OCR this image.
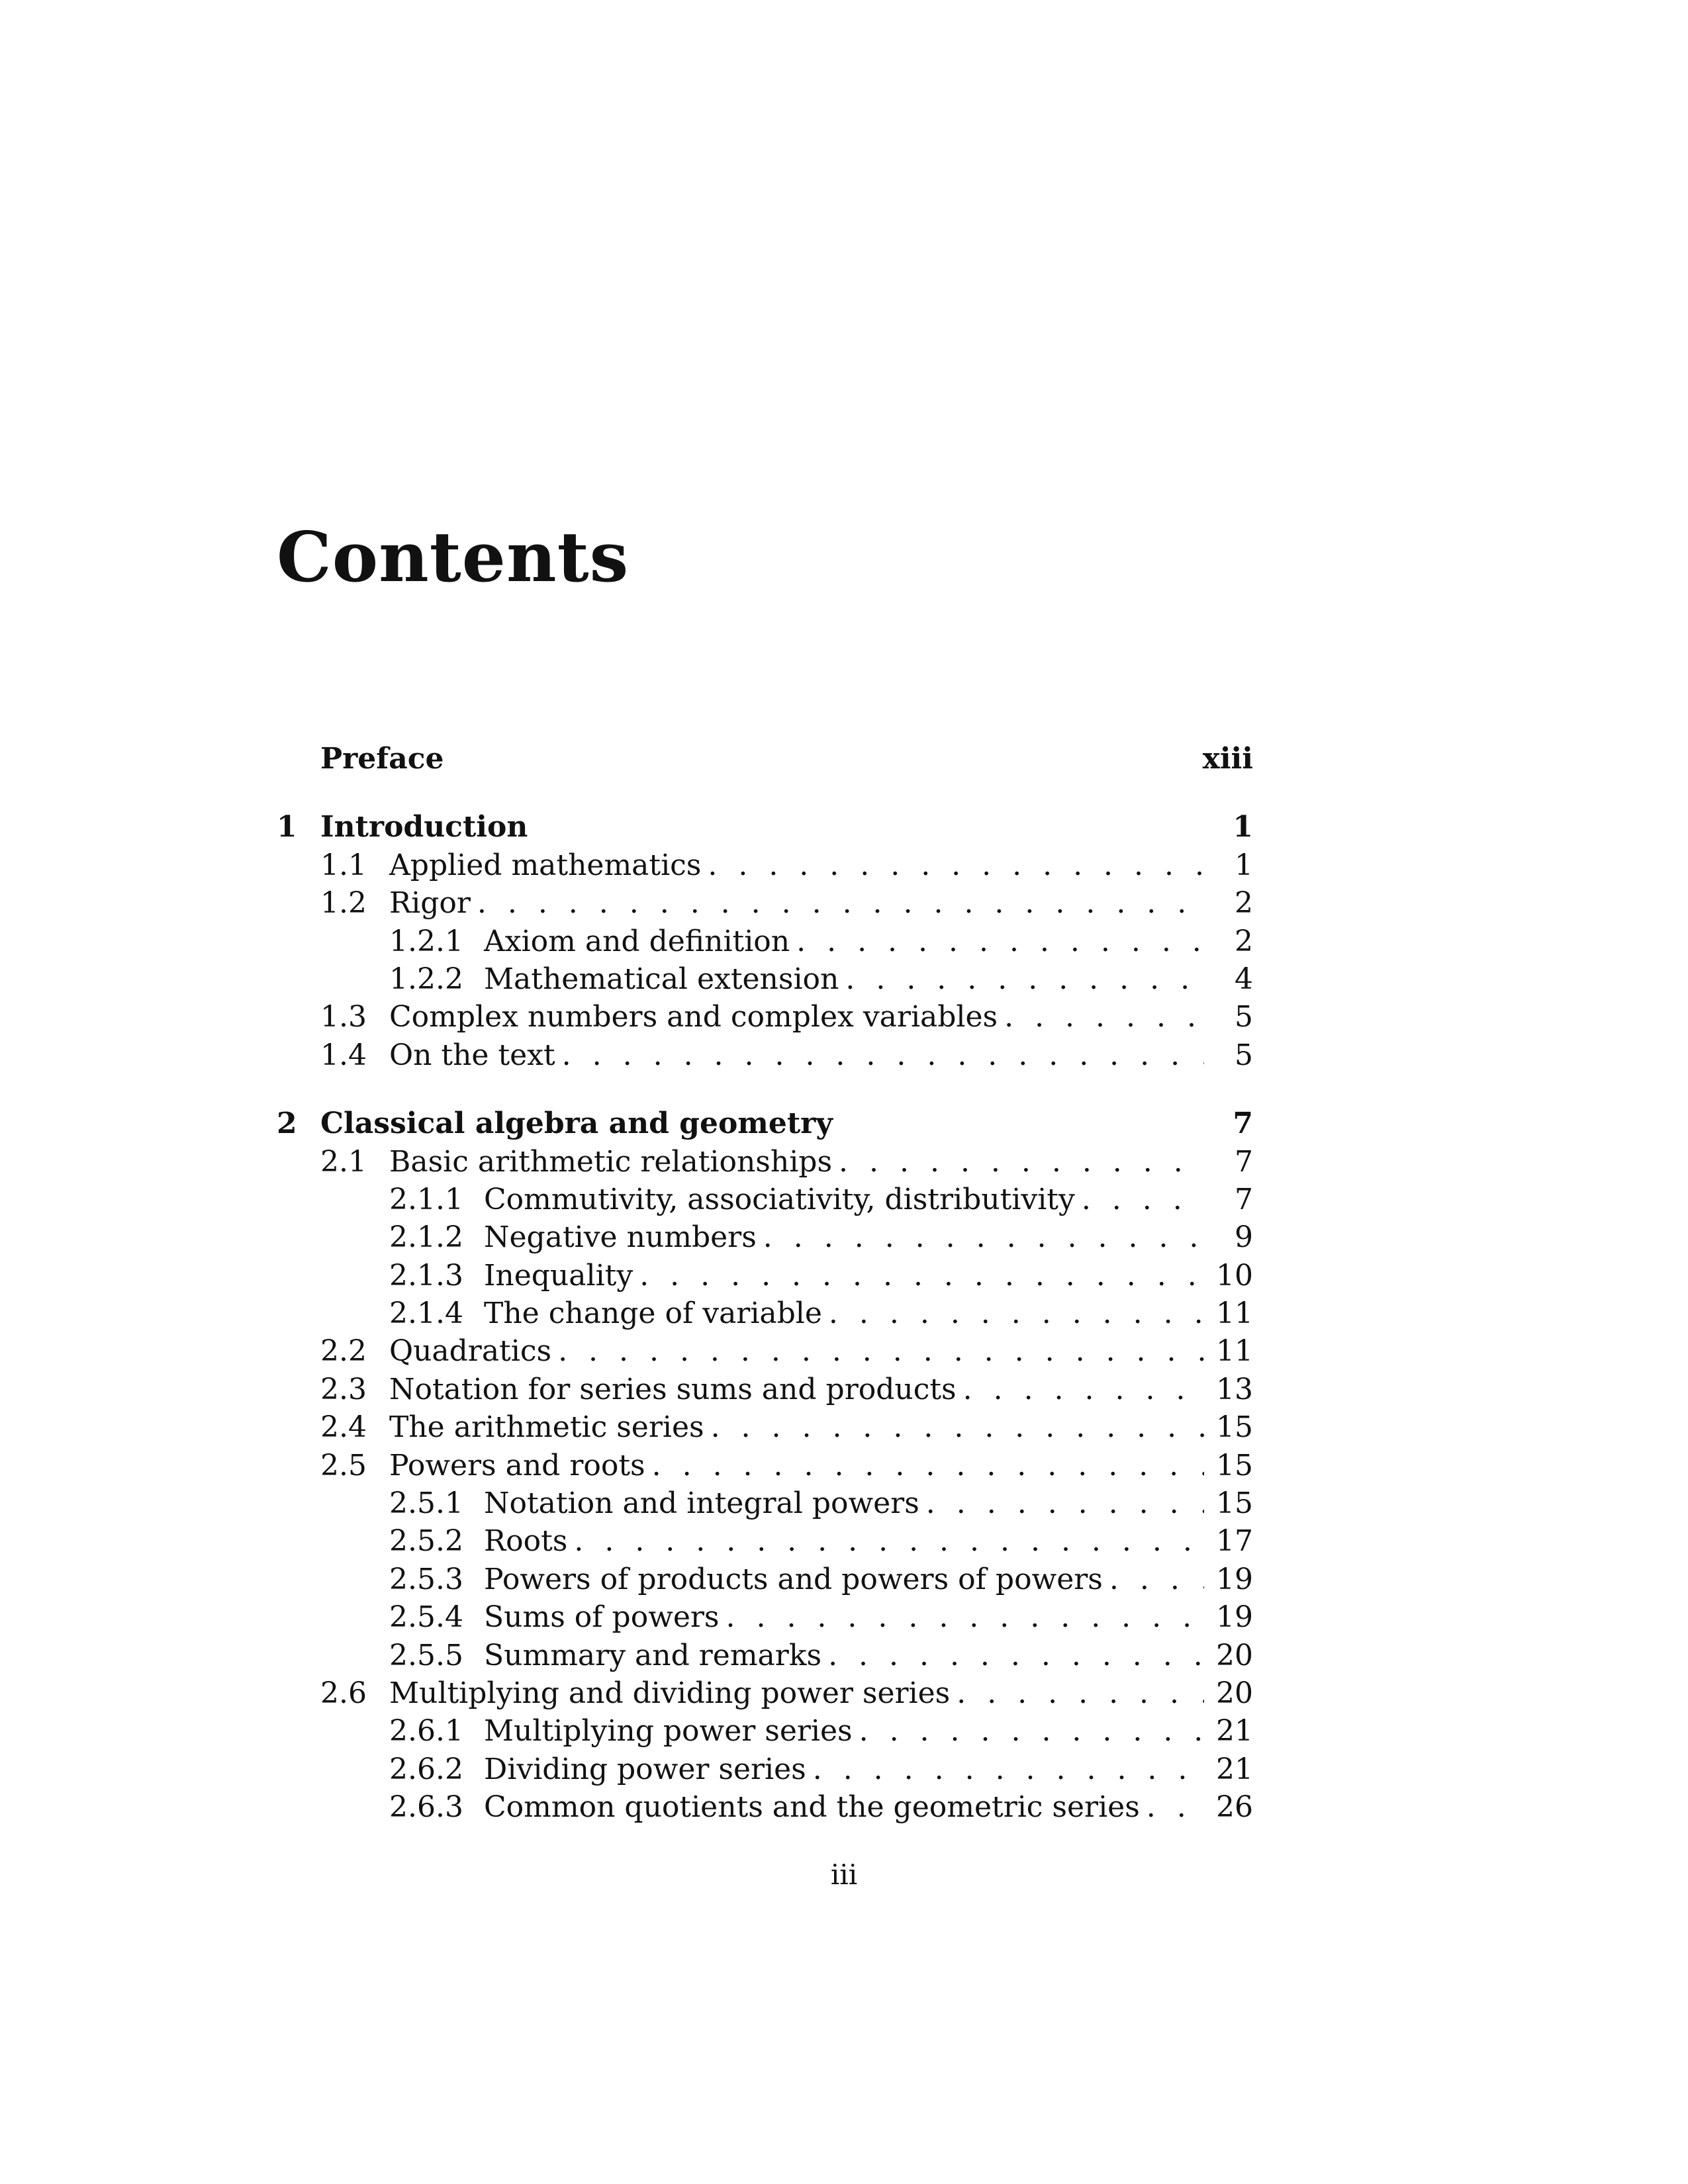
Contents
Preface	xiii
1 Introduction	1
1.1 Applied mathematics . . .	1
1.2 Rigor . . .	2
1.2.1 Axiom and definition . . .	2
1.2.2 Mathematical extension . . .	4
1.3 Complex numbers and complex variables . . .	5
1.4 On the text . . .	5
2 Classical algebra and geometry	7
2.1 Basic arithmetic relationships . . .	7
2.1.1 Commutivity, associativity, distributivity . . .	7
2.1.2 Negative numbers . . .	9
2.1.3 Inequality . . .	10
2.1.4 The change of variable . . .	11
2.2 Quadratics . . .	11
2.3 Notation for series sums and products . . .	13
2.4 The arithmetic series . . .	15
2.5 Powers and roots . . .	15
2.5.1 Notation and integral powers . . .	15
2.5.2 Roots . . .	17
2.5.3 Powers of products and powers of powers . . .	19
2.5.4 Sums of powers . . .	19
2.5.5 Summary and remarks . . .	20
2.6 Multiplying and dividing power series . . .	20
2.6.1 Multiplying power series . . .	21
2.6.2 Dividing power series . . .	21
2.6.3 Common quotients and the geometric series . . .	26
iii
